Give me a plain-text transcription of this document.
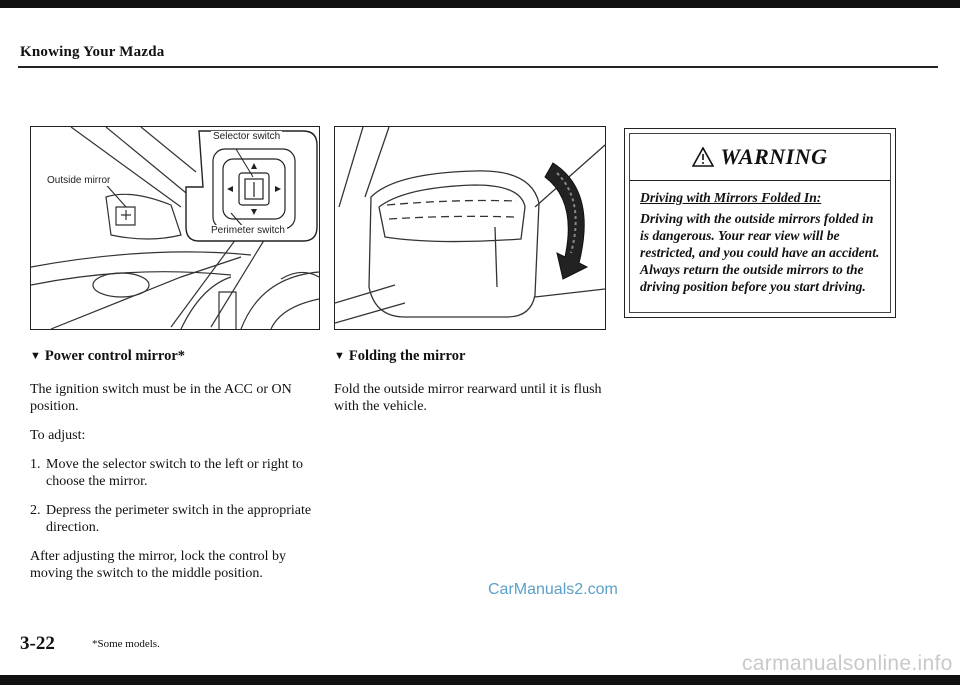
Knowing Your Mazda
Selector switch
Outside mirror
Perimeter switch
▼ Power control mirror*
The ignition switch must be in the ACC or ON position.
To adjust:
1. Move the selector switch to the left or right to choose the mirror.
2. Depress the perimeter switch in the appropriate direction.
After adjusting the mirror, lock the control by moving the switch to the middle position.
▼ Folding the mirror
Fold the outside mirror rearward until it is flush with the vehicle.
WARNING
Driving with Mirrors Folded In:
Driving with the outside mirrors folded in is dangerous. Your rear view will be restricted, and you could have an accident. Always return the outside mirrors to the driving position before you start driving.
3-22	*Some models.
CarManuals2.com
carmanualsonline.info
